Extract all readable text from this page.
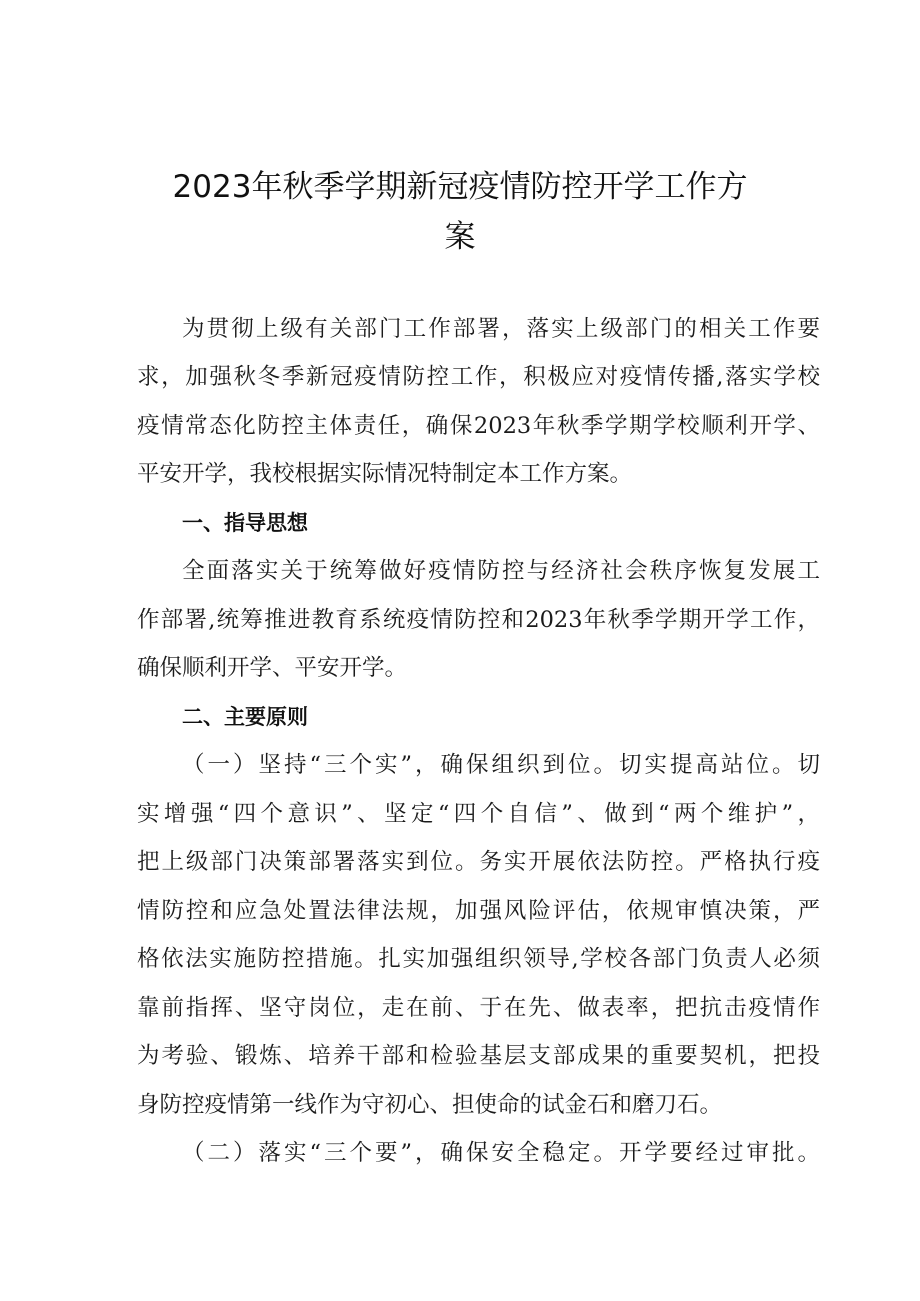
2023年秋季学期新冠疫情防控开学工作方
案
为贯彻上级有关部门工作部署，落实上级部门的相关工作要
求，加强秋冬季新冠疫情防控工作，积极应对疫情传播,落实学校
疫情常态化防控主体责任，确保2023年秋季学期学校顺利开学、
平安开学，我校根据实际情况特制定本工作方案。
一、指导思想
全面落实关于统筹做好疫情防控与经济社会秩序恢复发展工
作部署,统筹推进教育系统疫情防控和2023年秋季学期开学工作，
确保顺利开学、平安开学。
二、主要原则
（一）坚持“三个实”，确保组织到位。切实提高站位。切
实增强“四个意识”、坚定“四个自信”、做到“两个维护”，
把上级部门决策部署落实到位。务实开展依法防控。严格执行疫
情防控和应急处置法律法规，加强风险评估，依规审慎决策，严
格依法实施防控措施。扎实加强组织领导,学校各部门负责人必须
靠前指挥、坚守岗位，走在前、于在先、做表率，把抗击疫情作
为考验、锻炼、培养干部和检验基层支部成果的重要契机，把投
身防控疫情第一线作为守初心、担使命的试金石和磨刀石。
（二）落实“三个要”，确保安全稳定。开学要经过审批。
